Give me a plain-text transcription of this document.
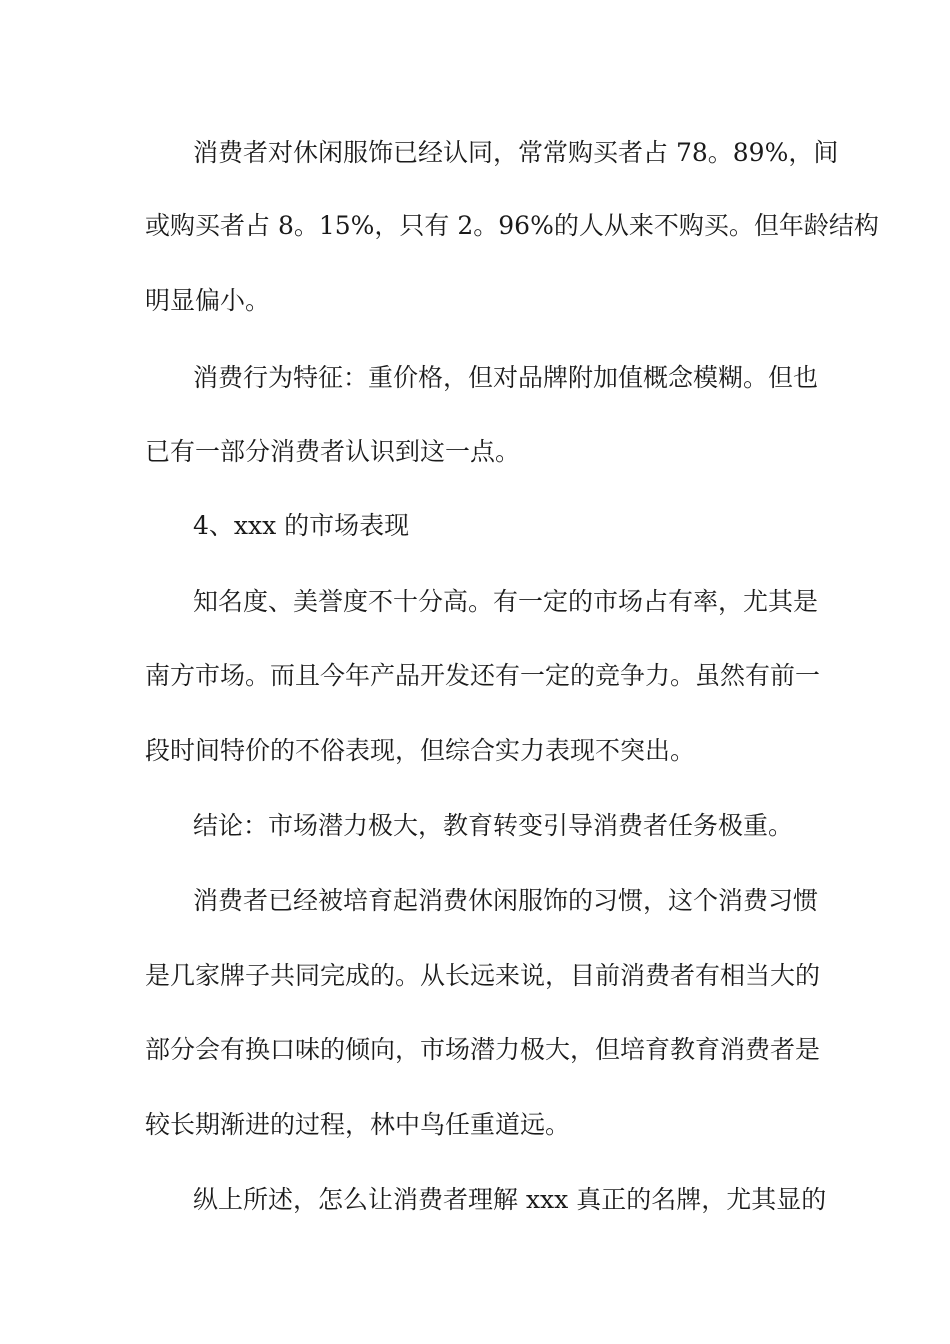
消费者对休闲服饰已经认同，常常购买者占 78。89%，间

或购买者占 8。15%，只有 2。96%的人从来不购买。但年龄结构

明显偏小。

消费行为特征：重价格，但对品牌附加值概念模糊。但也

已有一部分消费者认识到这一点。

4、xxx 的市场表现

知名度、美誉度不十分高。有一定的市场占有率，尤其是

南方市场。而且今年产品开发还有一定的竞争力。虽然有前一

段时间特价的不俗表现，但综合实力表现不突出。

结论：市场潜力极大，教育转变引导消费者任务极重。

消费者已经被培育起消费休闲服饰的习惯，这个消费习惯

是几家牌子共同完成的。从长远来说，目前消费者有相当大的

部分会有换口味的倾向，市场潜力极大，但培育教育消费者是

较长期渐进的过程，林中鸟任重道远。

纵上所述，怎么让消费者理解 xxx 真正的名牌，尤其显的
